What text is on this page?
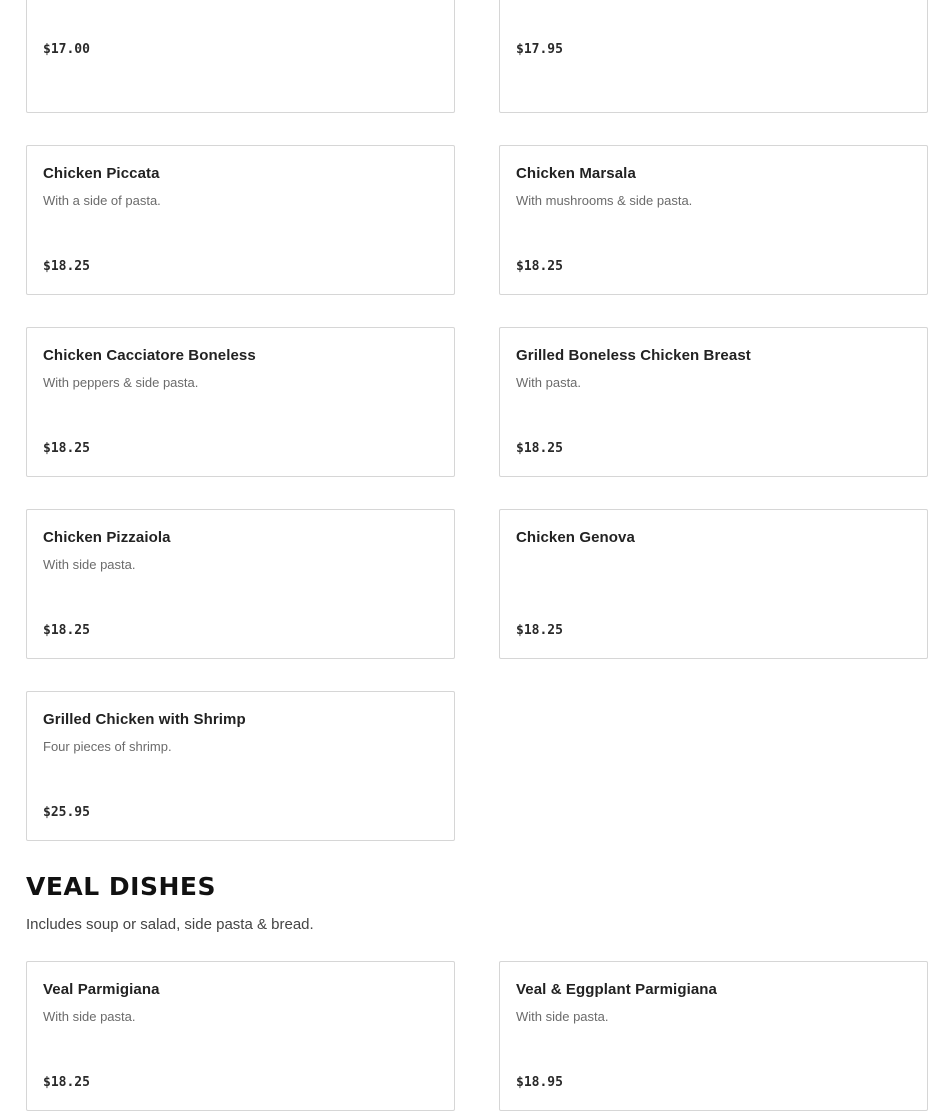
$17.00	$17.95
Chicken Piccata
With a side of pasta.
$18.25
Chicken Marsala
With mushrooms & side pasta.
$18.25
Chicken Cacciatore Boneless
With peppers & side pasta.
$18.25
Grilled Boneless Chicken Breast
With pasta.
$18.25
Chicken Pizzaiola
With side pasta.
$18.25
Chicken Genova
$18.25
Grilled Chicken with Shrimp
Four pieces of shrimp.
$25.95
VEAL DISHES

Includes soup or salad, side pasta & bread.

Veal Parmigiana
With side pasta.
$18.25
Veal & Eggplant Parmigiana
With side pasta.
$18.95
